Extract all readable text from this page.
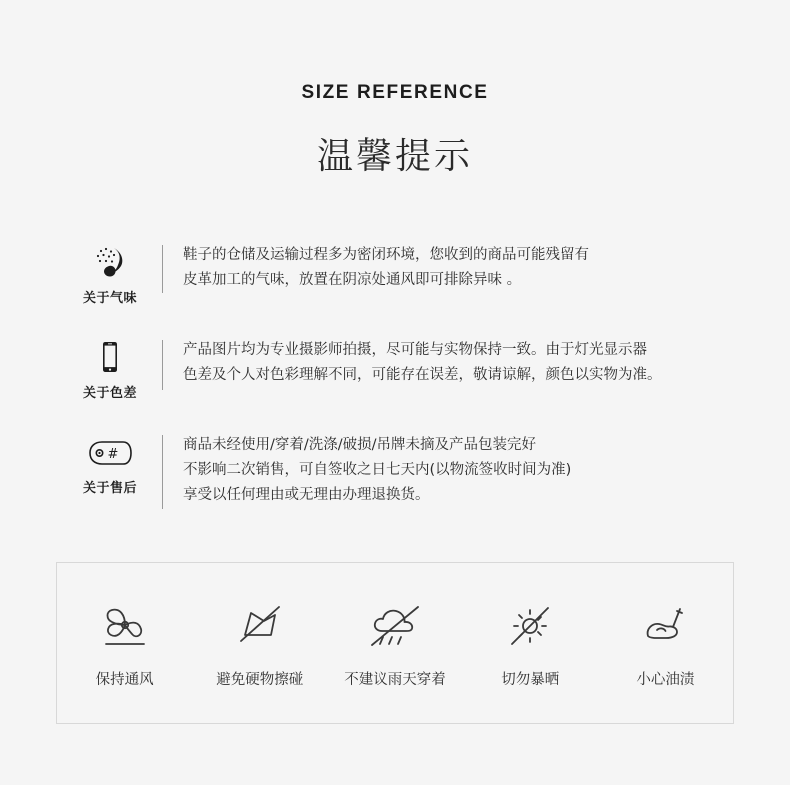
SIZE REFERENCE
温馨提示
关于气味
鞋子的仓储及运输过程多为密闭环境，您收到的商品可能残留有
皮革加工的气味，放置在阴凉处通风即可排除异味 。
关于色差
产品图片均为专业摄影师拍摄，尽可能与实物保持一致。由于灯光显示器
色差及个人对色彩理解不同，可能存在误差，敬请谅解，颜色以实物为准。
#
关于售后
商品未经使用/穿着/洗涤/破损/吊牌未摘及产品包装完好
不影响二次销售，可自签收之日七天内(以物流签收时间为准)
享受以任何理由或无理由办理退换货。
保持通风	避免硬物擦碰	不建议雨天穿着	切勿暴晒	小心油渍
